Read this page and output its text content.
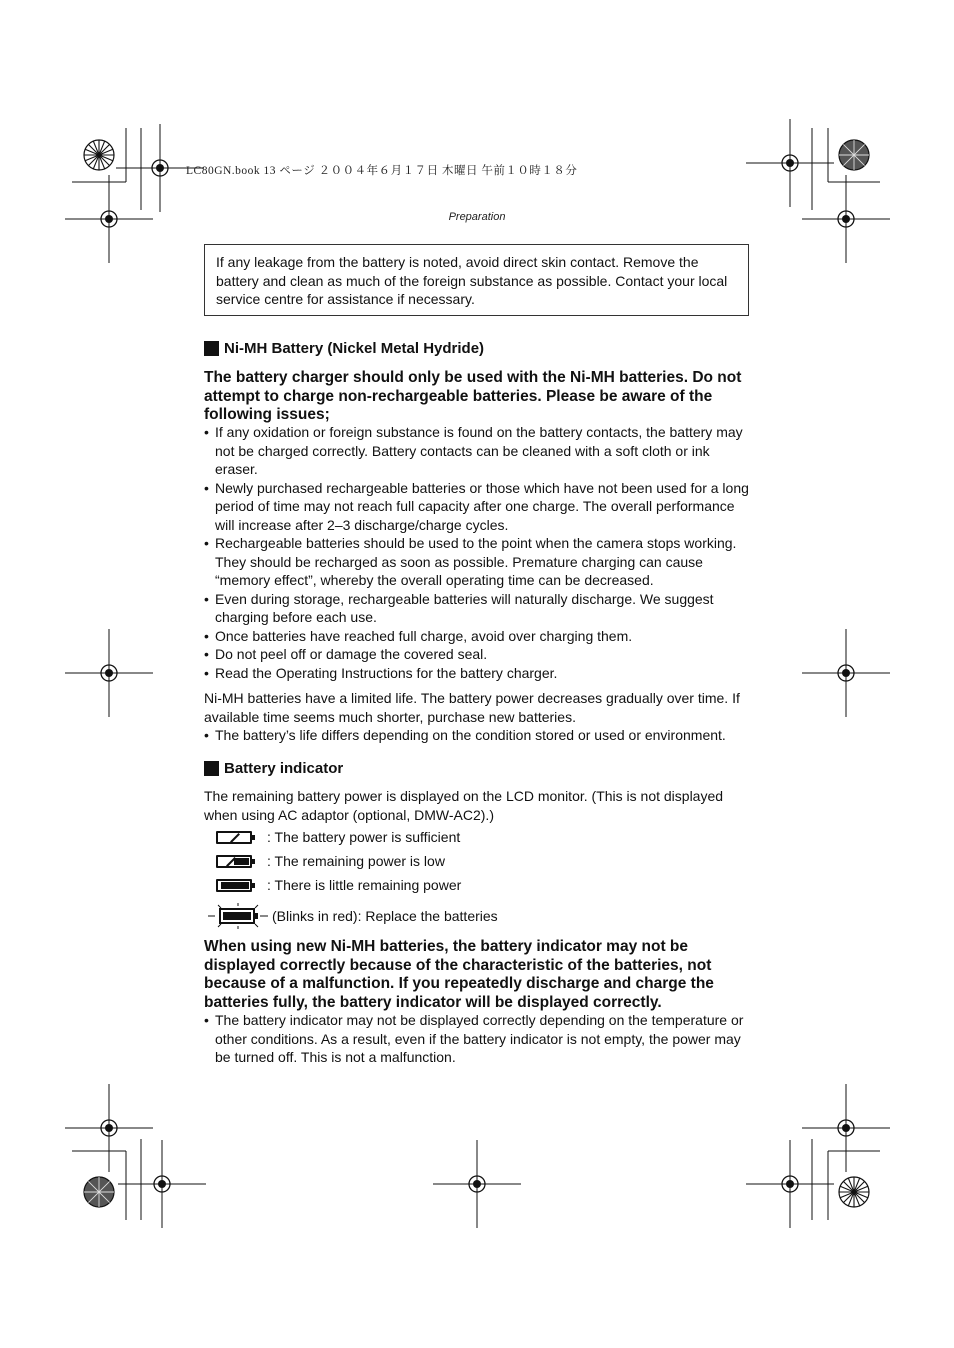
LC80GN.book 13 ページ ２００４年６月１７日 木曜日 午前１０時１８分
Preparation
If any leakage from the battery is noted, avoid direct skin contact. Remove the battery and clean as much of the foreign substance as possible. Contact your local service centre for assistance if necessary.
Ni-MH Battery (Nickel Metal Hydride)
The battery charger should only be used with the Ni-MH batteries. Do not attempt to charge non-rechargeable batteries. Please be aware of the following issues;
• If any oxidation or foreign substance is found on the battery contacts, the battery may not be charged correctly. Battery contacts can be cleaned with a soft cloth or ink eraser.
• Newly purchased rechargeable batteries or those which have not been used for a long period of time may not reach full capacity after one charge. The overall performance will increase after 2–3 discharge/charge cycles.
• Rechargeable batteries should be used to the point when the camera stops working. They should be recharged as soon as possible. Premature charging can cause “memory effect”, whereby the overall operating time can be decreased.
• Even during storage, rechargeable batteries will naturally discharge. We suggest charging before each use.
• Once batteries have reached full charge, avoid over charging them.
• Do not peel off or damage the covered seal.
• Read the Operating Instructions for the battery charger.
Ni-MH batteries have a limited life. The battery power decreases gradually over time. If available time seems much shorter, purchase new batteries.
• The battery’s life differs depending on the condition stored or used or environment.
Battery indicator
The remaining battery power is displayed on the LCD monitor. (This is not displayed when using AC adaptor (optional, DMW-AC2).)
: The battery power is sufficient
: The remaining power is low
: There is little remaining power
(Blinks in red): Replace the batteries
When using new Ni-MH batteries, the battery indicator may not be displayed correctly because of the characteristic of the batteries, not because of a malfunction. If you repeatedly discharge and charge the batteries fully, the battery indicator will be displayed correctly.
• The battery indicator may not be displayed correctly depending on the temperature or other conditions. As a result, even if the battery indicator is not empty, the power may be turned off. This is not a malfunction.
